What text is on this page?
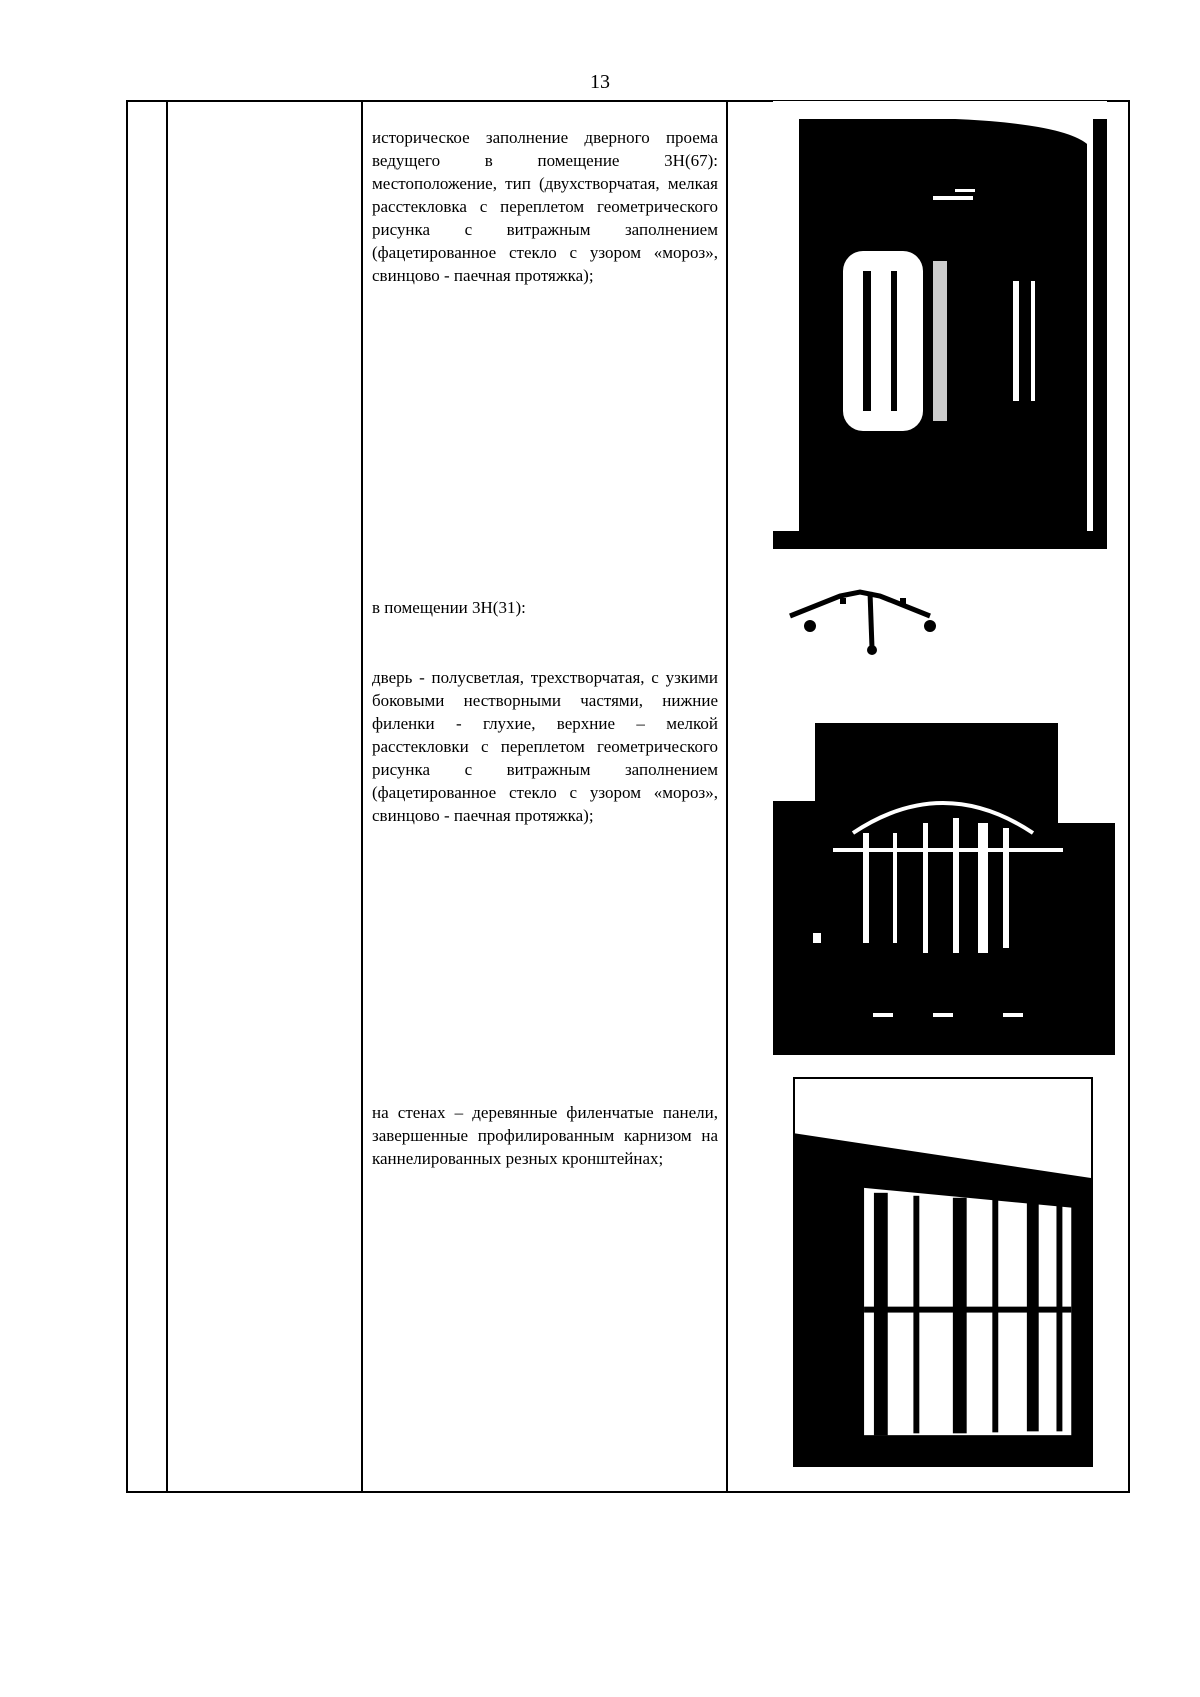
13

историческое заполнение дверного проема ведущего в помещение 3Н(67): местоположение, тип (двухстворчатая, мелкая расстекловка с переплетом геометрического рисунка с витражным заполнением (фацетированное стекло с узором «мороз», свинцово - паечная протяжка);

в помещении 3Н(31):

дверь - полусветлая, трехстворчатая, с узкими боковыми нестворными частями, нижние филенки - глухие, верхние – мелкой расстекловки с переплетом геометрического рисунка с витражным заполнением (фацетированное стекло с узором «мороз», свинцово - паечная протяжка);

на стенах – деревянные филенчатые панели, завершенные профилированным карнизом на каннелированных резных кронштейнах;
